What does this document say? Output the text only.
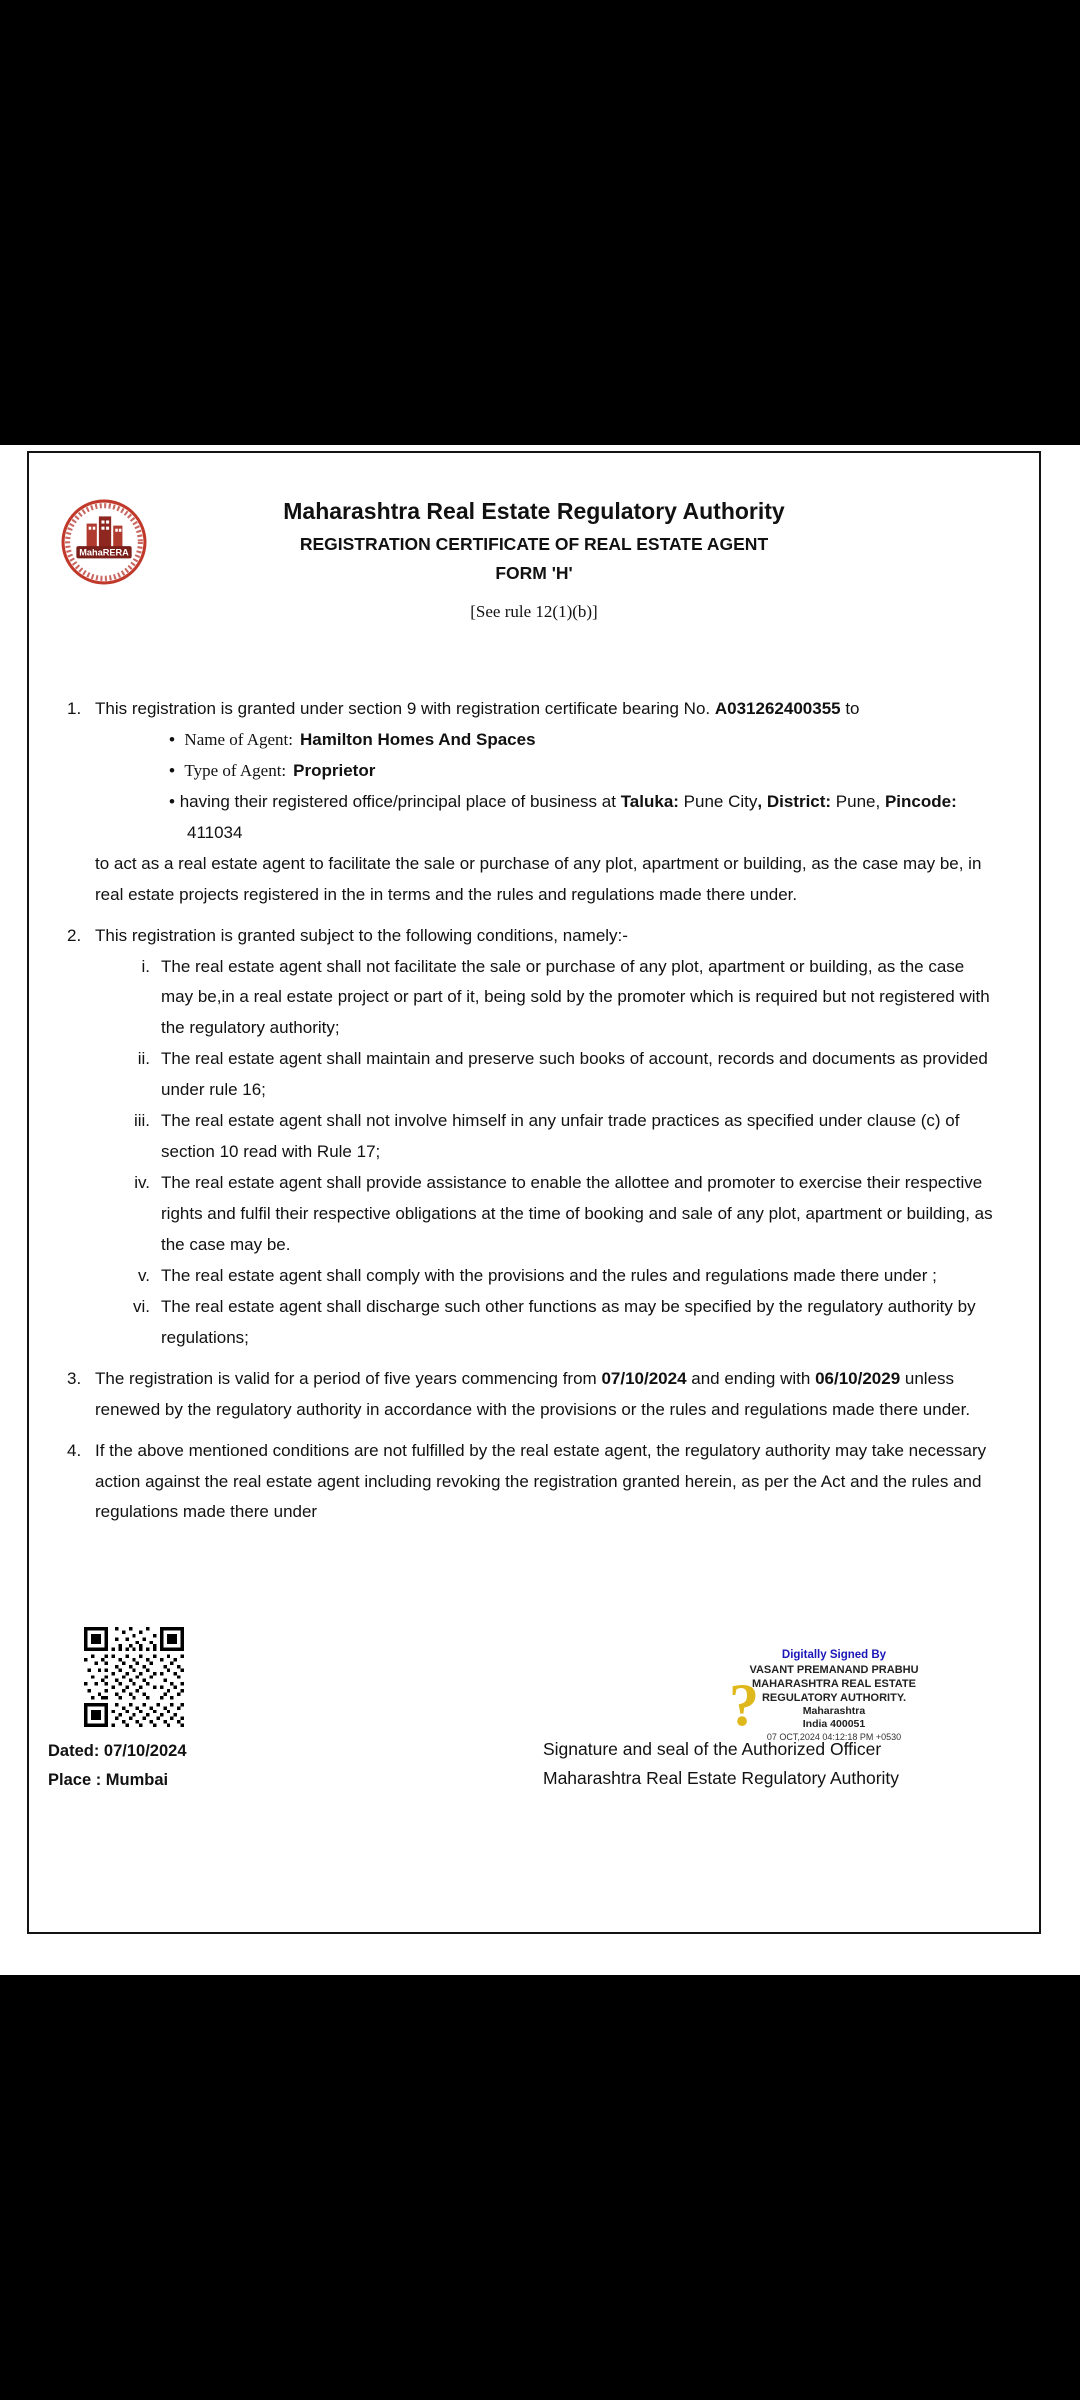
MahaRERA
Maharashtra Real Estate Regulatory Authority
REGISTRATION CERTIFICATE OF REAL ESTATE AGENT
FORM 'H'
[See rule 12(1)(b)]
1. This registration is granted under section 9 with registration certificate bearing No. A031262400355 to
• Name of Agent: Hamilton Homes And Spaces
• Type of Agent: Proprietor
• having their registered office/principal place of business at Taluka: Pune City, District: Pune, Pincode: 411034
to act as a real estate agent to facilitate the sale or purchase of any plot, apartment or building, as the case may be, in real estate projects registered in the in terms and the rules and regulations made there under.
2. This registration is granted subject to the following conditions, namely:-
i. The real estate agent shall not facilitate the sale or purchase of any plot, apartment or building, as the case may be,in a real estate project or part of it, being sold by the promoter which is required but not registered with the regulatory authority;
ii. The real estate agent shall maintain and preserve such books of account, records and documents as provided under rule 16;
iii. The real estate agent shall not involve himself in any unfair trade practices as specified under clause (c) of section 10 read with Rule 17;
iv. The real estate agent shall provide assistance to enable the allottee and promoter to exercise their respective rights and fulfil their respective obligations at the time of booking and sale of any plot, apartment or building, as the case may be.
v. The real estate agent shall comply with the provisions and the rules and regulations made there under ;
vi. The real estate agent shall discharge such other functions as may be specified by the regulatory authority by regulations;
3. The registration is valid for a period of five years commencing from 07/10/2024 and ending with 06/10/2029 unless renewed by the regulatory authority in accordance with the provisions or the rules and regulations made there under.
4. If the above mentioned conditions are not fulfilled by the real estate agent, the regulatory authority may take necessary action against the real estate agent including revoking the registration granted herein, as per the Act and the rules and regulations made there under
Dated: 07/10/2024
Place : Mumbai
Digitally Signed By
VASANT PREMANAND PRABHU
MAHARASHTRA REAL ESTATE
REGULATORY AUTHORITY.
Maharashtra
India 400051
07 OCT,2024 04:12:18 PM +0530
?
Signature and seal of the Authorized Officer
Maharashtra Real Estate Regulatory Authority
